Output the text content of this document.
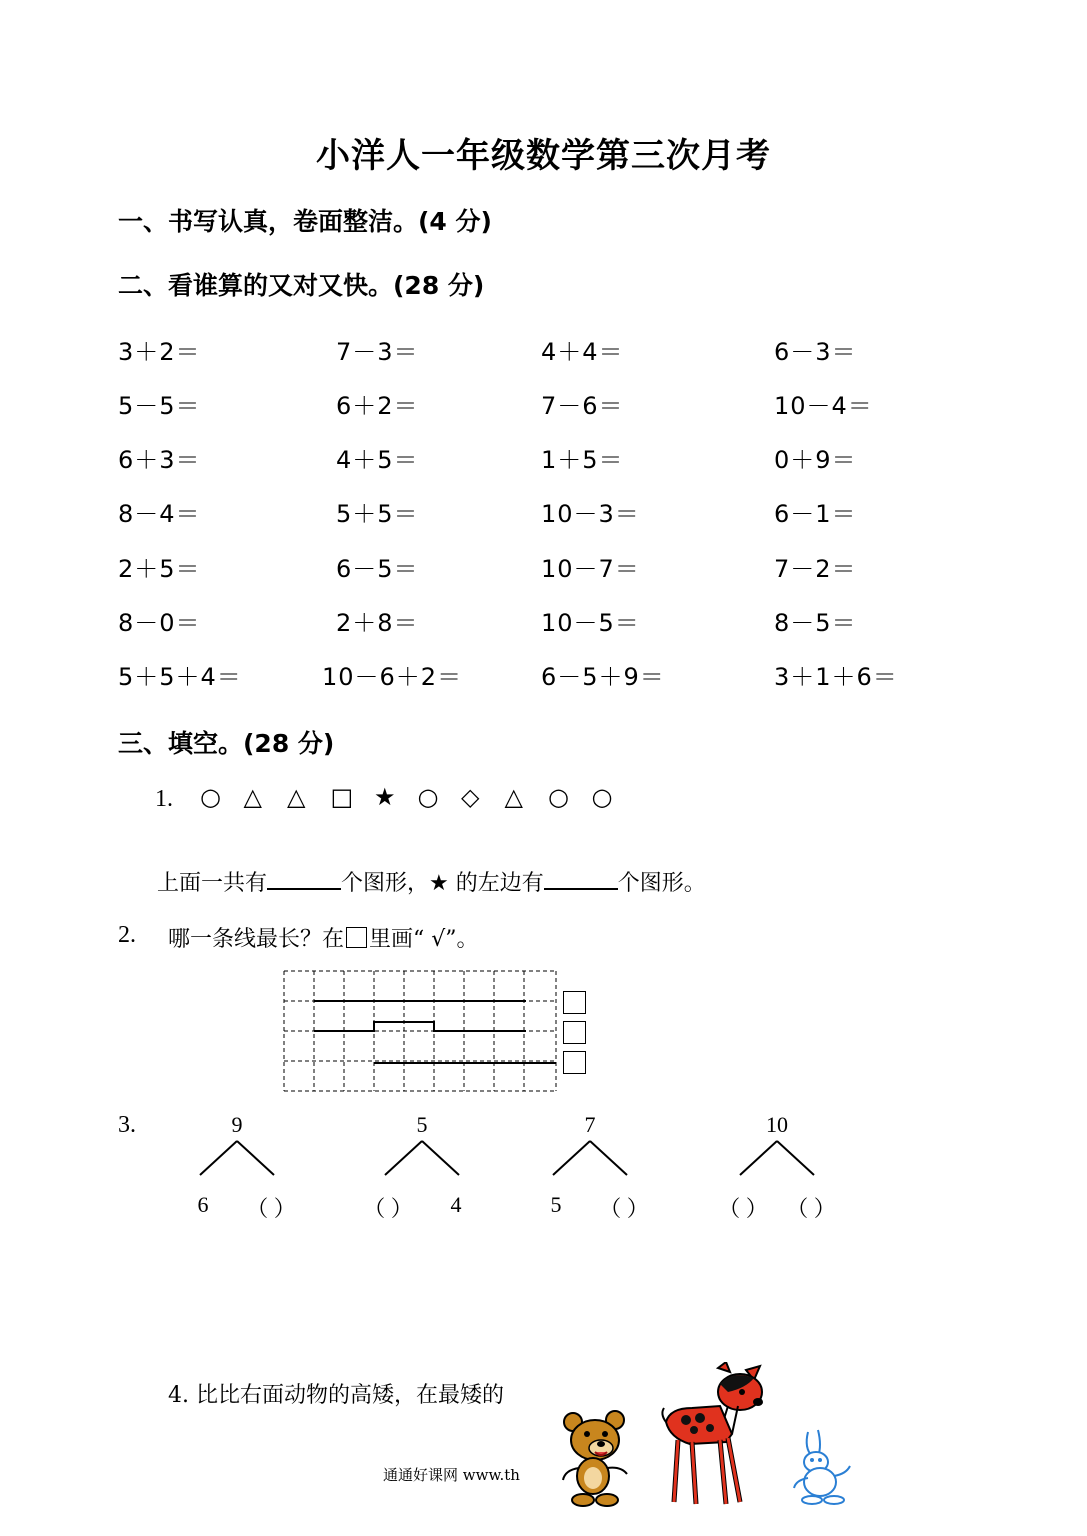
小洋人一年级数学第三次月考
一、书写认真，卷面整洁。(4 分)
二、看谁算的又对又快。(28 分)
三、填空。(28 分)
3＋2＝	7－3＝	4＋4＝	6－3＝
5－5＝	6＋2＝	7－6＝	10－4＝
6＋3＝	4＋5＝	1＋5＝	0＋9＝
8－4＝	5＋5＝	10－3＝	6－1＝
2＋5＝	6－5＝	10－7＝	7－2＝
8－0＝	2＋8＝	10－5＝	8－5＝
5＋5＋4＝	10－6＋2＝	6－5＋9＝	3＋1＋6＝
1. ○ △ △ □ ★ ○ ◇ △ ○ ○
上面一共有	个图形，★ 的左边有	个图形。
2. 哪一条线最长？在 里画“ √”。
3.	9
6	（ ）
5
（ ）	4
7
5	（ ）
10
（ ） （ ）
4. 比比右面动物的高矮，在最矮的
通通好课网 www.th
